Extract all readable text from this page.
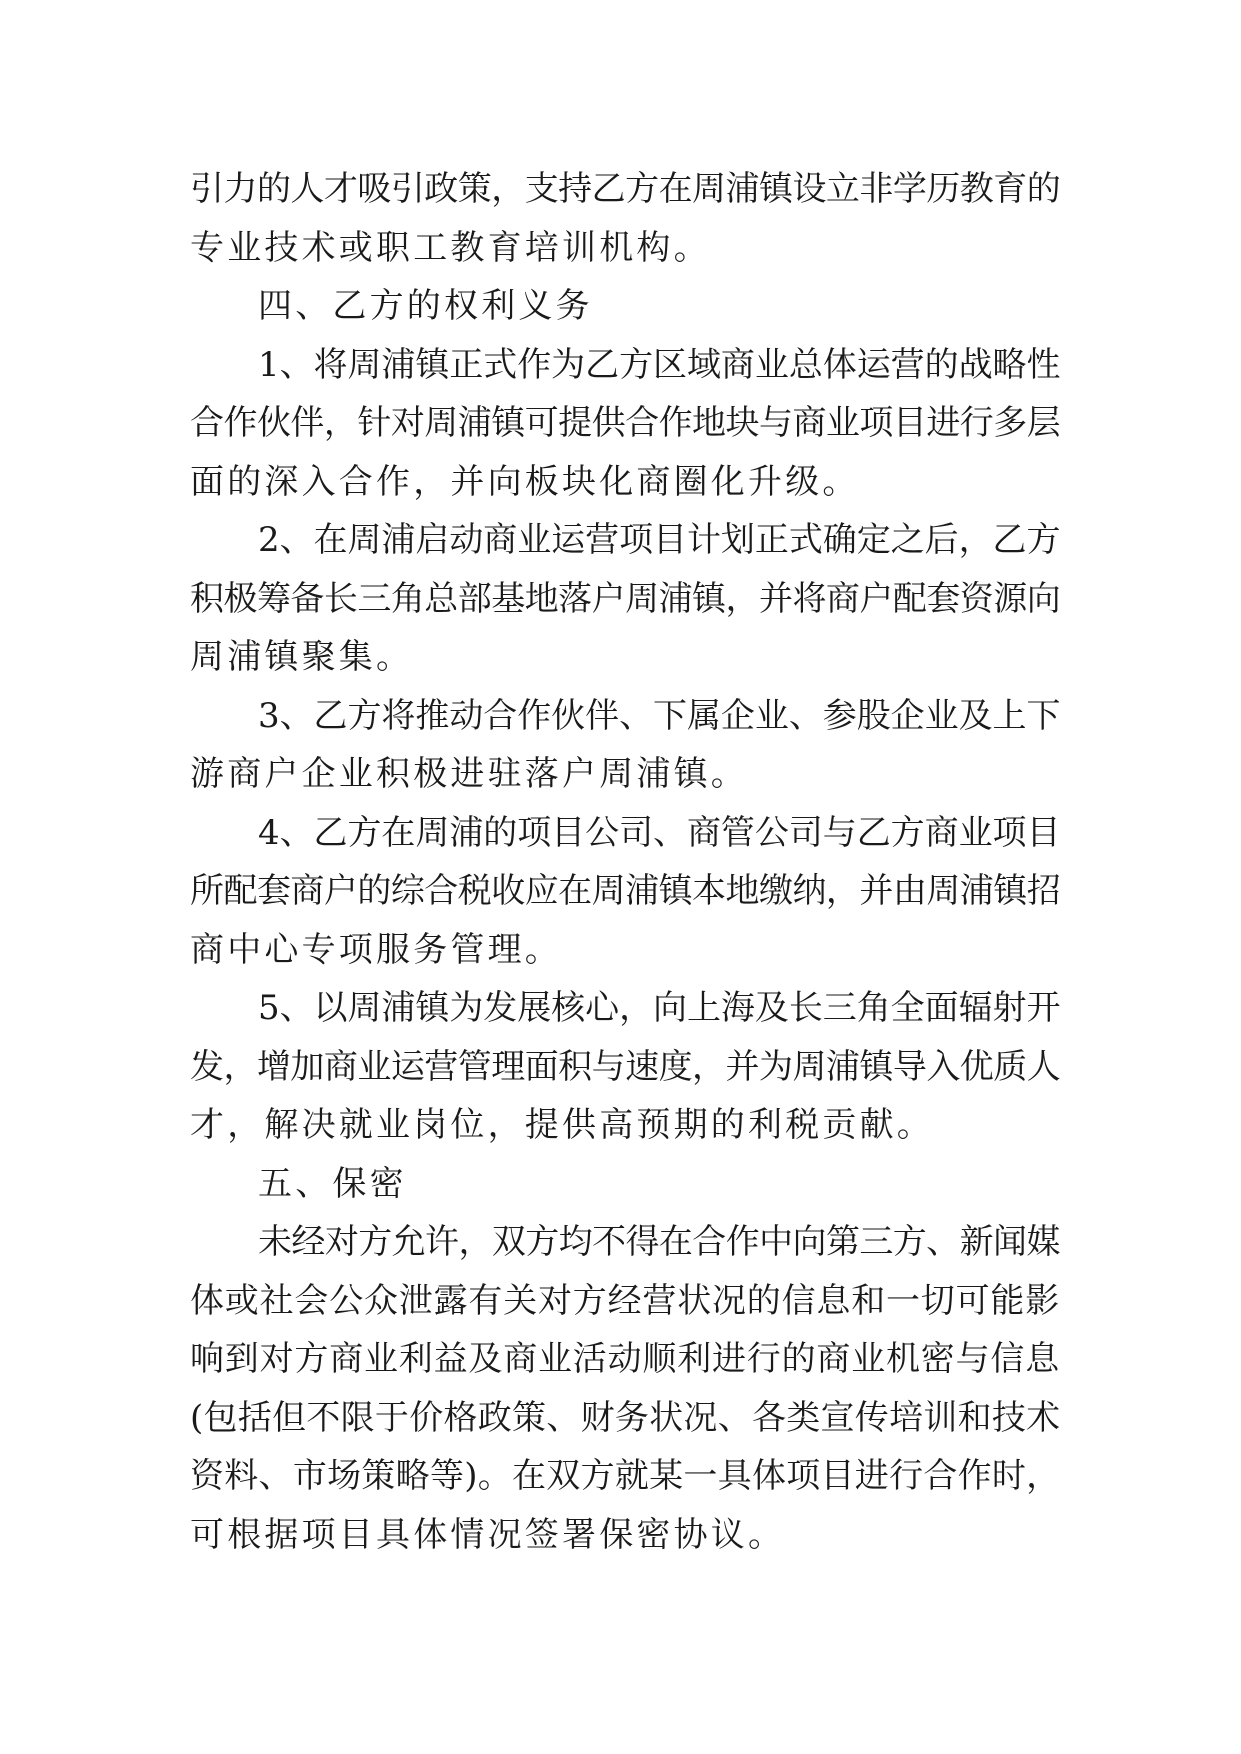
引力的人才吸引政策，支持乙方在周浦镇设立非学历教育的
专业技术或职工教育培训机构。
四、乙方的权利义务
1、将周浦镇正式作为乙方区域商业总体运营的战略性
合作伙伴，针对周浦镇可提供合作地块与商业项目进行多层
面的深入合作，并向板块化商圈化升级。
2、在周浦启动商业运营项目计划正式确定之后，乙方
积极筹备长三角总部基地落户周浦镇，并将商户配套资源向
周浦镇聚集。
3、乙方将推动合作伙伴、下属企业、参股企业及上下
游商户企业积极进驻落户周浦镇。
4、乙方在周浦的项目公司、商管公司与乙方商业项目
所配套商户的综合税收应在周浦镇本地缴纳，并由周浦镇招
商中心专项服务管理。
5、以周浦镇为发展核心，向上海及长三角全面辐射开
发，增加商业运营管理面积与速度，并为周浦镇导入优质人
才，解决就业岗位，提供高预期的利税贡献。
五、保密
未经对方允许，双方均不得在合作中向第三方、新闻媒
体或社会公众泄露有关对方经营状况的信息和一切可能影
响到对方商业利益及商业活动顺利进行的商业机密与信息
(包括但不限于价格政策、财务状况、各类宣传培训和技术
资料、市场策略等)。在双方就某一具体项目进行合作时，
可根据项目具体情况签署保密协议。
